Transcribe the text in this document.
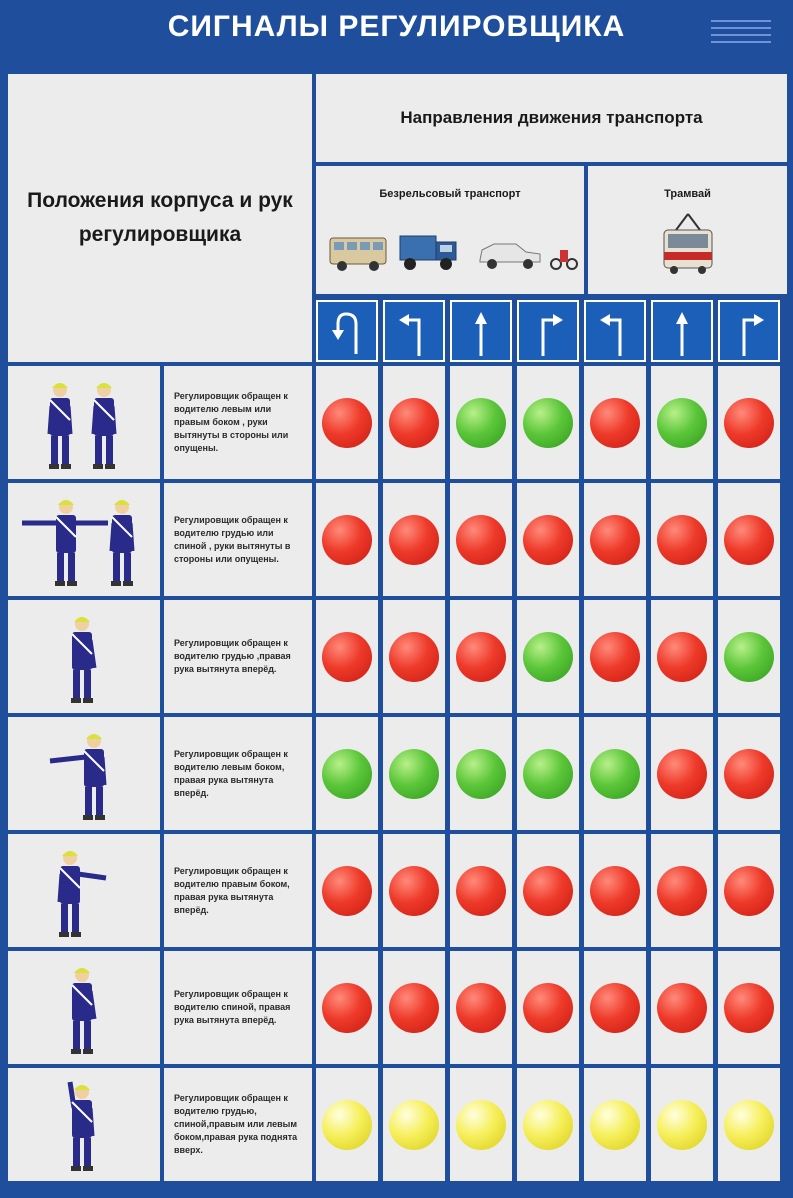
СИГНАЛЫ РЕГУЛИРОВЩИКА
Положения корпуса и рук регулировщика
Направления движения транспорта
Безрельсовый транспорт	Трамвай
Регулировщик обращен к водителю левым или правым боком , руки вытянуты в стороны или опущены.
Регулировщик обращен к водителю грудью или спиной , руки вытянуты в стороны или опущены.
Регулировщик обращен к водителю грудью ,правая рука вытянута вперёд.
Регулировщик обращен к водителю левым боком, правая рука вытянута вперёд.
Регулировщик обращен к водителю правым боком, правая рука вытянута вперёд.
Регулировщик обращен к водителю спиной, правая рука вытянута вперёд.
Регулировщик обращен к водителю грудью, спиной,правым или левым боком,правая рука поднята вверх.
